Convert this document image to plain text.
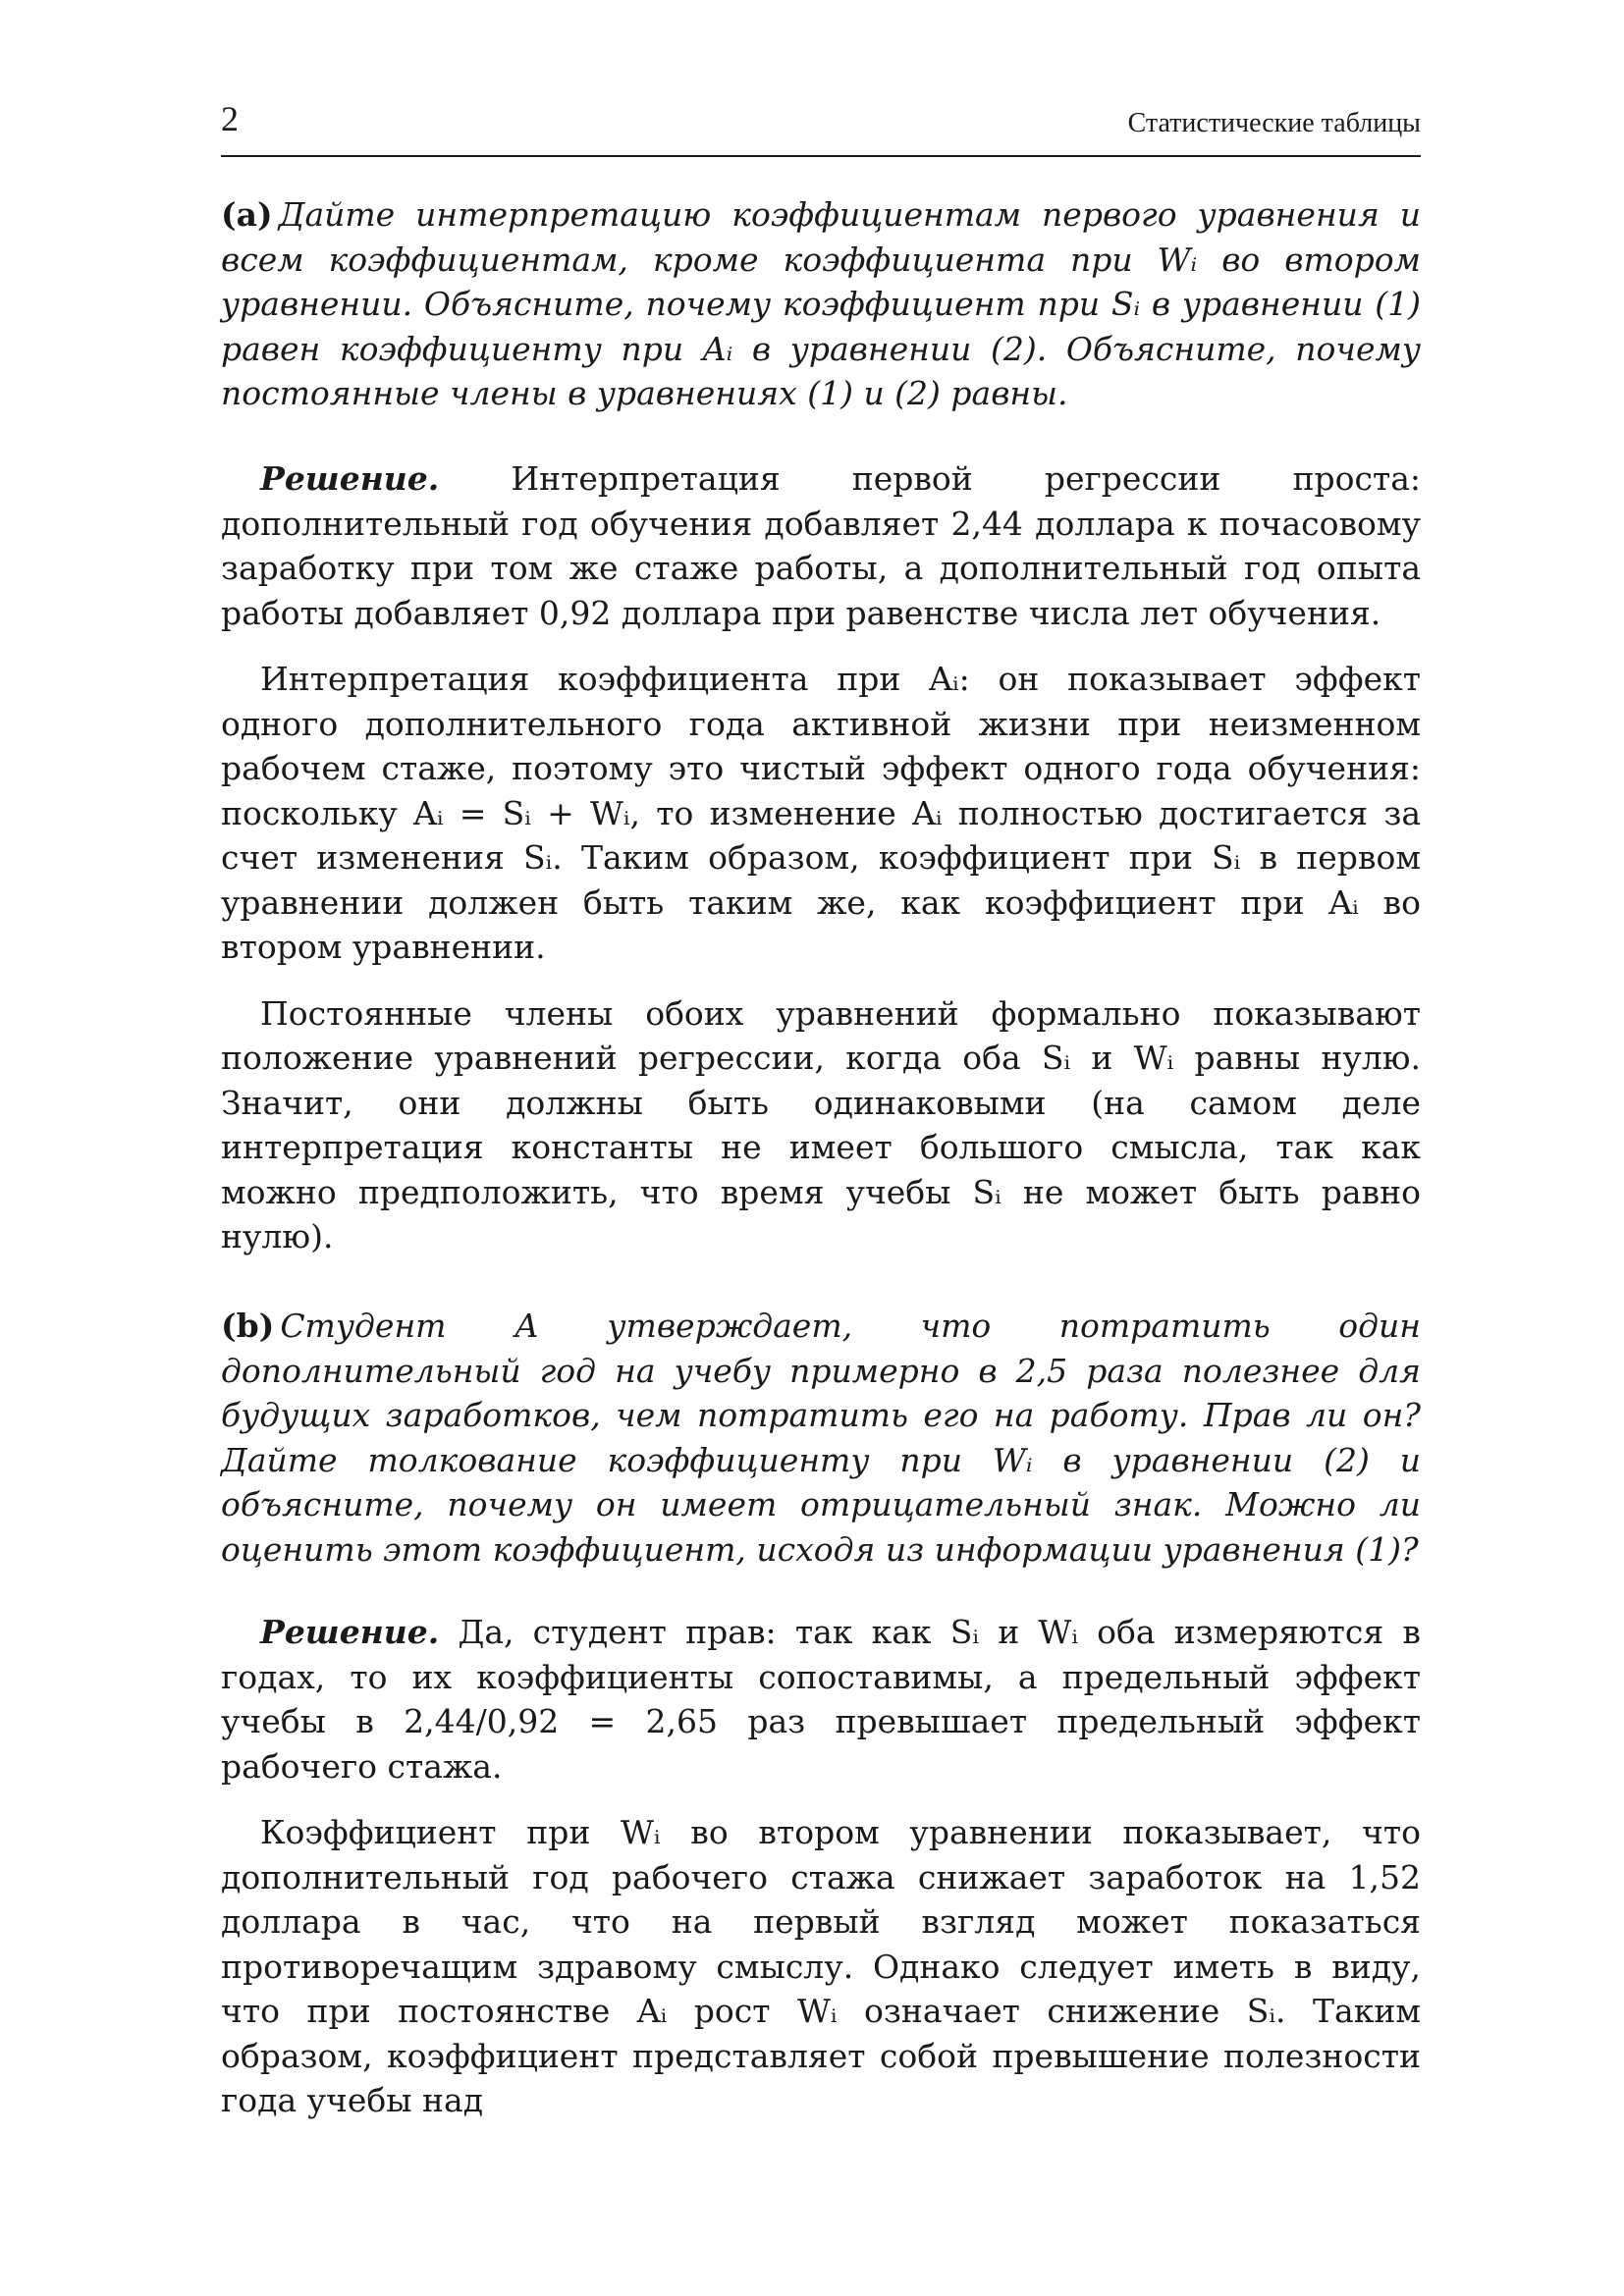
2	Статистические таблицы

(a) Дайте интерпретацию коэффициентам первого уравнения и всем коэффициентам, кроме коэффициента при Wᵢ во втором уравнении. Объясните, почему коэффициент при Sᵢ в уравнении (1) равен коэффициенту при Aᵢ в уравнении (2). Объясните, почему постоянные члены в уравнениях (1) и (2) равны.

Решение. Интерпретация первой регрессии проста: дополнительный год обучения добавляет 2,44 доллара к почасовому заработку при том же стаже работы, а дополнительный год опыта работы добавляет 0,92 доллара при равенстве числа лет обучения.

Интерпретация коэффициента при Aᵢ: он показывает эффект одного дополнительного года активной жизни при неизменном рабочем стаже, поэтому это чистый эффект одного года обучения: поскольку Aᵢ = Sᵢ + Wᵢ, то изменение Aᵢ полностью достигается за счет изменения Sᵢ. Таким образом, коэффициент при Sᵢ в первом уравнении должен быть таким же, как коэффициент при Aᵢ во втором уравнении.

Постоянные члены обоих уравнений формально показывают положение уравнений регрессии, когда оба Sᵢ и Wᵢ равны нулю. Значит, они должны быть одинаковыми (на самом деле интерпретация константы не имеет большого смысла, так как можно предположить, что время учебы Sᵢ не может быть равно нулю).

(b) Студент А утверждает, что потратить один дополнительный год на учебу примерно в 2,5 раза полезнее для будущих заработков, чем потратить его на работу. Прав ли он? Дайте толкование коэффициенту при Wᵢ в уравнении (2) и объясните, почему он имеет отрицательный знак. Можно ли оценить этот коэффициент, исходя из информации уравнения (1)?

Решение. Да, студент прав: так как Sᵢ и Wᵢ оба измеряются в годах, то их коэффициенты сопоставимы, а предельный эффект учебы в 2,44/0,92 = 2,65 раз превышает предельный эффект рабочего стажа.

Коэффициент при Wᵢ во втором уравнении показывает, что дополнительный год рабочего стажа снижает заработок на 1,52 доллара в час, что на первый взгляд может показаться противоречащим здравому смыслу. Однако следует иметь в виду, что при постоянстве Aᵢ рост Wᵢ означает снижение Sᵢ. Таким образом, коэффициент представляет собой превышение полезности года учебы над
